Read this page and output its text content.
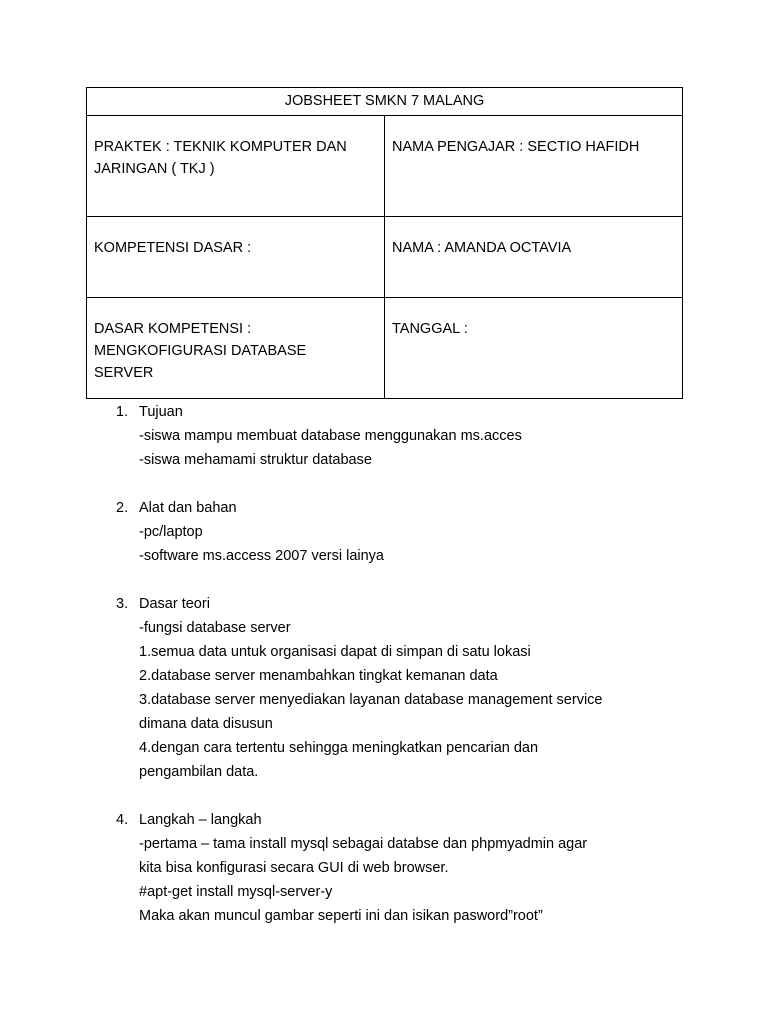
JOBSHEET SMKN 7 MALANG	

PRAKTEK : TEKNIK KOMPUTER DAN
JARINGAN ( TKJ )	NAMA PENGAJAR : SECTIO HAFIDH

KOMPETENSI DASAR :	NAMA : AMANDA OCTAVIA

DASAR KOMPETENSI :
MENGKOFIGURASI DATABASE
SERVER	TANGGAL :
1. Tujuan
-siswa mampu membuat database menggunakan ms.acces
-siswa mehamami struktur database
2. Alat dan bahan
-pc/laptop
-software ms.access 2007 versi lainya
3. Dasar teori
-fungsi database server
1.semua data untuk organisasi dapat di simpan di satu lokasi
2.database server menambahkan tingkat kemanan data
3.database server menyediakan layanan database management service
dimana data disusun
4.dengan cara tertentu sehingga meningkatkan pencarian dan
pengambilan data.
4. Langkah – langkah
-pertama – tama install mysql sebagai databse dan phpmyadmin agar
kita bisa konfigurasi secara GUI di web browser.
#apt-get install mysql-server-y
Maka akan muncul gambar seperti ini dan isikan pasword”root”
